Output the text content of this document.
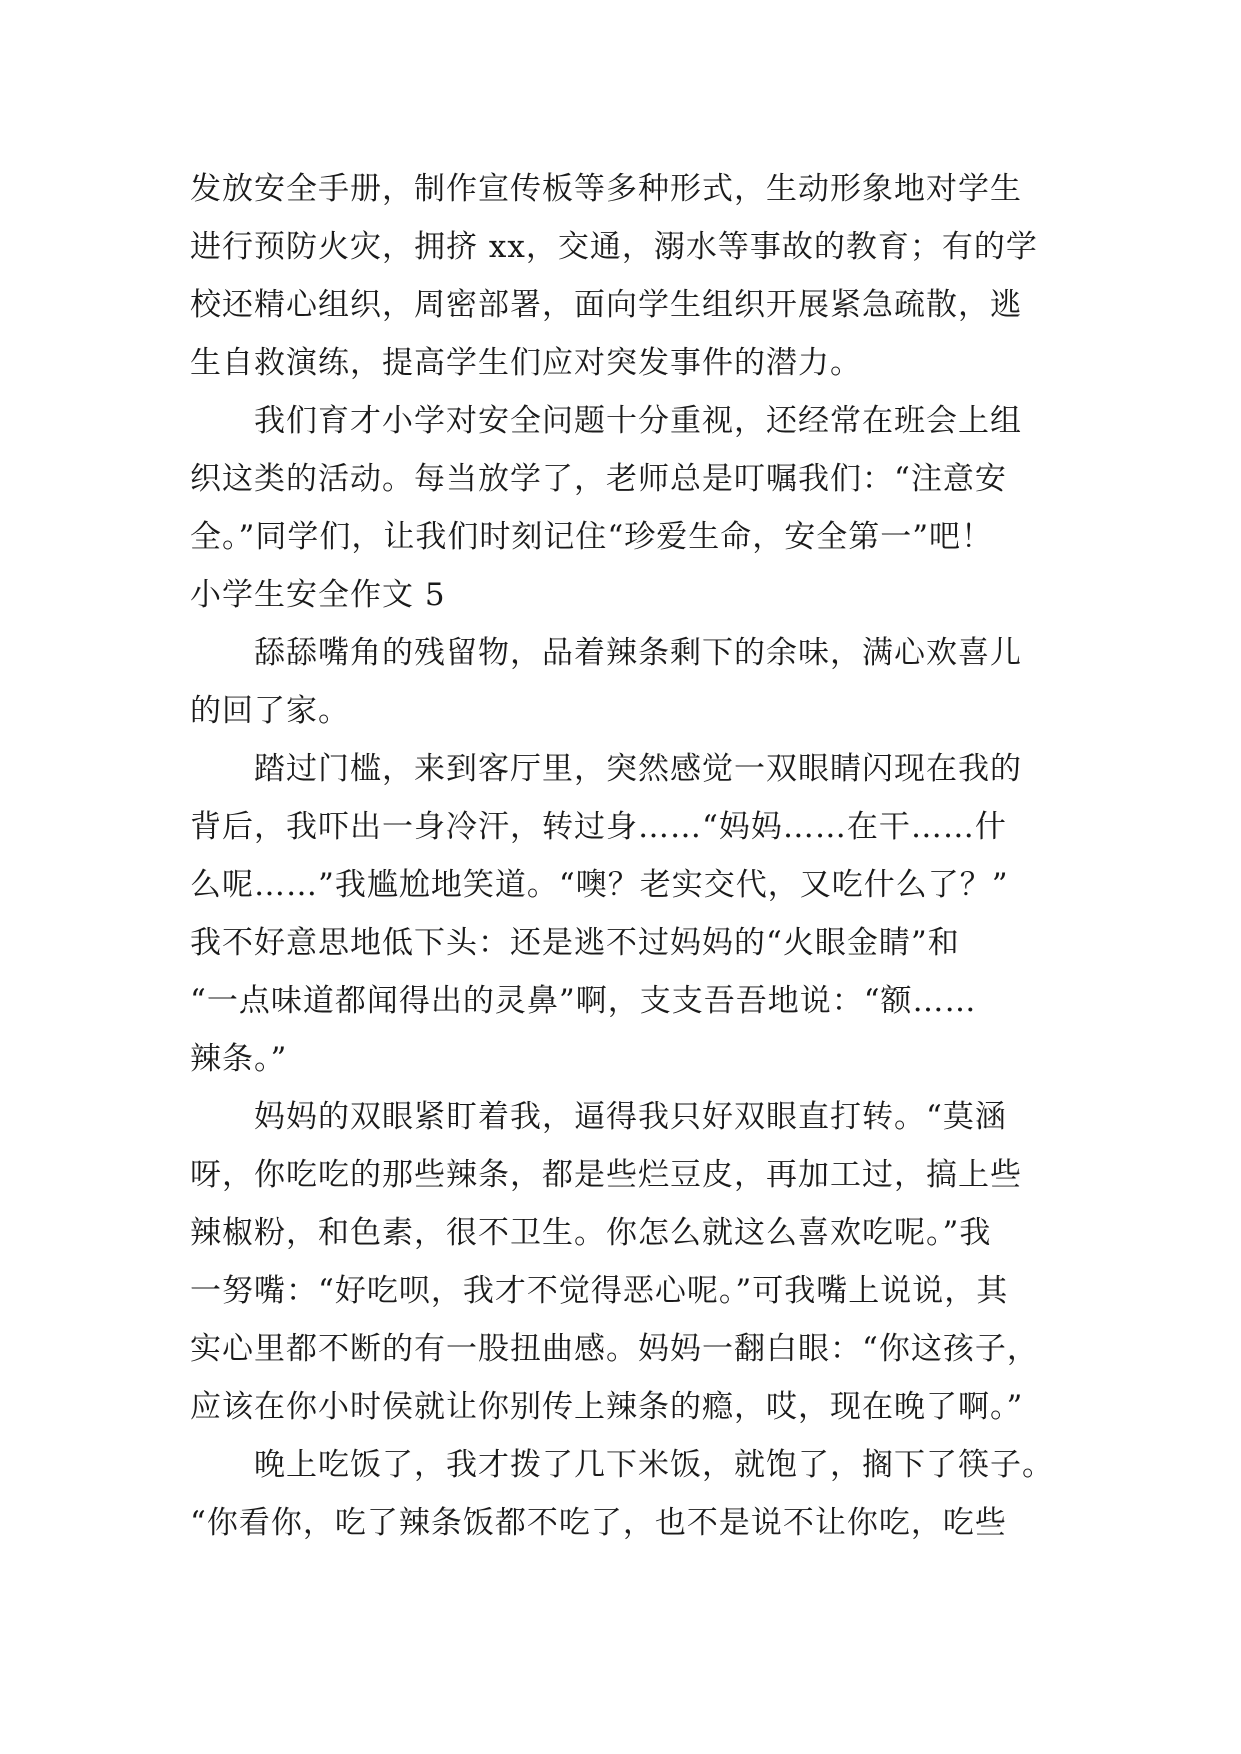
发放安全手册，制作宣传板等多种形式，生动形象地对学生
进行预防火灾，拥挤 xx，交通，溺水等事故的教育；有的学
校还精心组织，周密部署，面向学生组织开展紧急疏散，逃
生自救演练，提高学生们应对突发事件的潜力。
我们育才小学对安全问题十分重视，还经常在班会上组
织这类的活动。每当放学了，老师总是叮嘱我们：“注意安
全。”同学们，让我们时刻记住“珍爱生命，安全第一”吧！
小学生安全作文 5
舔舔嘴角的残留物，品着辣条剩下的余味，满心欢喜儿
的回了家。
踏过门槛，来到客厅里，突然感觉一双眼睛闪现在我的
背后，我吓出一身冷汗，转过身……“妈妈……在干……什
么呢……”我尴尬地笑道。“噢？老实交代，又吃什么了？”
我不好意思地低下头：还是逃不过妈妈的“火眼金睛”和
“一点味道都闻得出的灵鼻”啊，支支吾吾地说：“额……
辣条。”
妈妈的双眼紧盯着我，逼得我只好双眼直打转。“莫涵
呀，你吃吃的那些辣条，都是些烂豆皮，再加工过，搞上些
辣椒粉，和色素，很不卫生。你怎么就这么喜欢吃呢。”我
一努嘴：“好吃呗，我才不觉得恶心呢。”可我嘴上说说，其
实心里都不断的有一股扭曲感。妈妈一翻白眼：“你这孩子，
应该在你小时侯就让你别传上辣条的瘾，哎，现在晚了啊。”
晚上吃饭了，我才拨了几下米饭，就饱了，搁下了筷子。
“你看你，吃了辣条饭都不吃了，也不是说不让你吃，吃些
